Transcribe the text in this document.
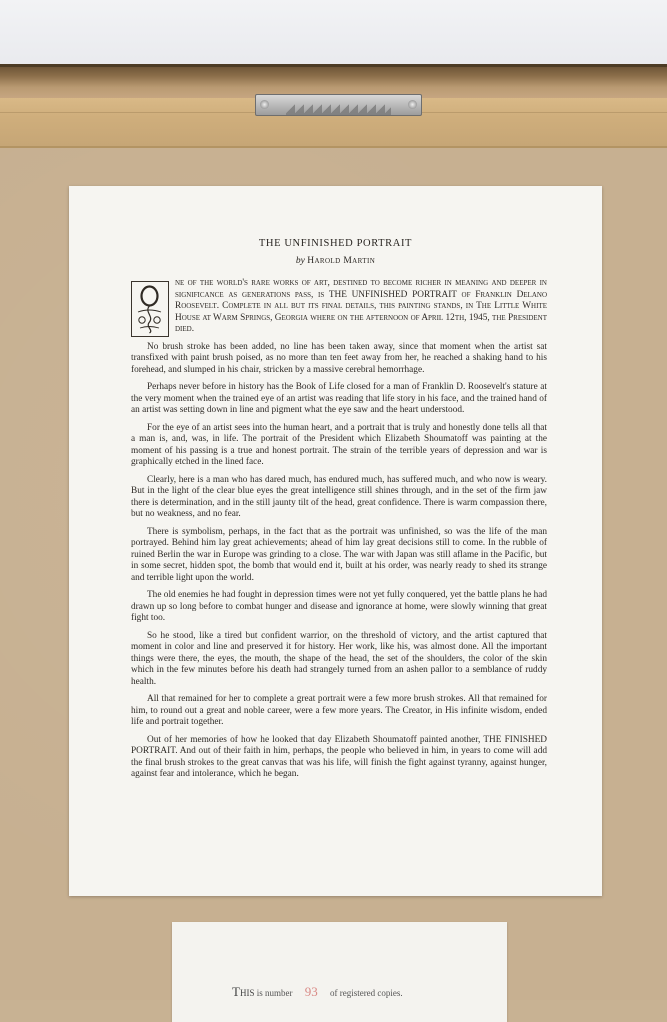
THE UNFINISHED PORTRAIT
by Harold Martin

ne of the world's rare works of art, destined to become richer in meaning and deeper in significance as generations pass, is THE UNFINISHED PORTRAIT of Franklin Delano Roosevelt. Complete in all but its final details, this painting stands, in The Little White House at Warm Springs, Georgia where on the afternoon of April 12th, 1945, the President died.

No brush stroke has been added, no line has been taken away, since that moment when the artist sat transfixed with paint brush poised, as no more than ten feet away from her, he reached a shaking hand to his forehead, and slumped in his chair, stricken by a massive cerebral hemorrhage.

Perhaps never before in history has the Book of Life closed for a man of Franklin D. Roosevelt's stature at the very moment when the trained eye of an artist was reading that life story in his face, and the trained hand of an artist was setting down in line and pigment what the eye saw and the heart understood.

For the eye of an artist sees into the human heart, and a portrait that is truly and honestly done tells all that a man is, and, was, in life. The portrait of the President which Elizabeth Shoumatoff was painting at the moment of his passing is a true and honest portrait. The strain of the terrible years of depression and war is graphically etched in the lined face.

Clearly, here is a man who has dared much, has endured much, has suffered much, and who now is weary. But in the light of the clear blue eyes the great intelligence still shines through, and in the set of the firm jaw there is determination, and in the still jaunty tilt of the head, great confidence. There is warm compassion there, but no weakness, and no fear.

There is symbolism, perhaps, in the fact that as the portrait was unfinished, so was the life of the man portrayed. Behind him lay great achievements; ahead of him lay great decisions still to come. In the rubble of ruined Berlin the war in Europe was grinding to a close. The war with Japan was still aflame in the Pacific, but in some secret, hidden spot, the bomb that would end it, built at his order, was nearly ready to shed its strange and terrible light upon the world.

The old enemies he had fought in depression times were not yet fully conquered, yet the battle plans he had drawn up so long before to combat hunger and disease and ignorance at home, were slowly winning that great fight too.

So he stood, like a tired but confident warrior, on the threshold of victory, and the artist captured that moment in color and line and preserved it for history. Her work, like his, was almost done. All the important things were there, the eyes, the mouth, the shape of the head, the set of the shoulders, the color of the skin which in the few minutes before his death had strangely turned from an ashen pallor to a semblance of ruddy health.

All that remained for her to complete a great portrait were a few more brush strokes. All that remained for him, to round out a great and noble career, were a few more years. The Creator, in His infinite wisdom, ended life and portrait together.

Out of her memories of how he looked that day Elizabeth Shoumatoff painted another, THE FINISHED PORTRAIT. And out of their faith in him, perhaps, the people who believed in him, in years to come will add the final brush strokes to the great canvas that was his life, will finish the fight against tyranny, against hunger, against fear and intolerance, which he began.

This is number 93 of registered copies.
